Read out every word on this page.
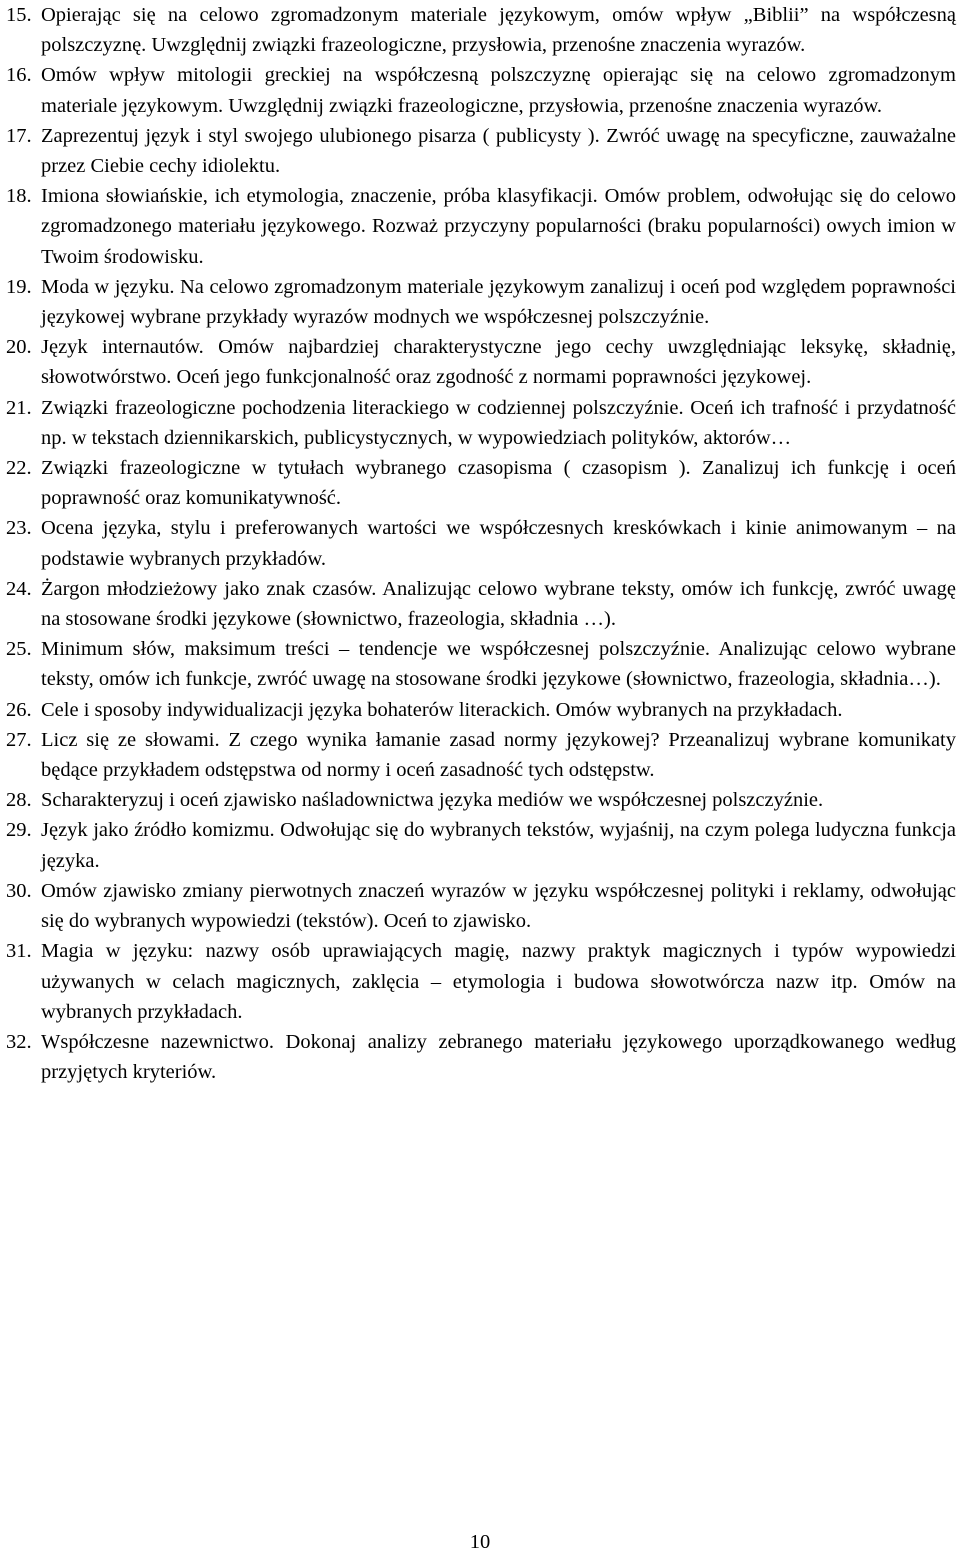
15. Opierając się na celowo zgromadzonym materiale językowym, omów wpływ „Biblii” na współczesną polszczyznę. Uwzględnij związki frazeologiczne, przysłowia, przenośne znaczenia wyrazów.
16. Omów wpływ mitologii greckiej na współczesną polszczyznę opierając się na celowo zgromadzonym materiale językowym. Uwzględnij związki frazeologiczne, przysłowia, przenośne znaczenia wyrazów.
17. Zaprezentuj język i styl swojego ulubionego pisarza ( publicysty ). Zwróć uwagę na specyficzne, zauważalne przez Ciebie cechy idiolektu.
18. Imiona słowiańskie, ich etymologia, znaczenie, próba klasyfikacji. Omów problem, odwołując się do celowo zgromadzonego materiału językowego. Rozważ przyczyny popularności (braku popularności) owych imion w Twoim środowisku.
19. Moda w języku. Na celowo zgromadzonym materiale językowym zanalizuj i oceń pod względem poprawności językowej wybrane przykłady wyrazów modnych we współczesnej polszczyźnie.
20. Język internautów. Omów najbardziej charakterystyczne jego cechy uwzględniając leksykę, składnię, słowotwórstwo. Oceń jego funkcjonalność oraz zgodność z normami poprawności językowej.
21. Związki frazeologiczne pochodzenia literackiego w codziennej polszczyźnie. Oceń ich trafność i przydatność np. w tekstach dziennikarskich, publicystycznych, w wypowiedziach polityków, aktorów…
22. Związki frazeologiczne w tytułach wybranego czasopisma ( czasopism ). Zanalizuj ich funkcję i oceń poprawność oraz komunikatywność.
23. Ocena języka, stylu i preferowanych wartości we współczesnych kreskówkach i kinie animowanym – na podstawie wybranych przykładów.
24. Żargon młodzieżowy jako znak czasów. Analizując celowo wybrane teksty, omów ich funkcję, zwróć uwagę na stosowane środki językowe (słownictwo, frazeologia, składnia …).
25. Minimum słów, maksimum treści – tendencje we współczesnej polszczyźnie. Analizując celowo wybrane teksty, omów ich funkcje, zwróć uwagę na stosowane środki językowe (słownictwo, frazeologia, składnia…).
26. Cele i sposoby indywidualizacji języka bohaterów literackich. Omów wybranych na przykładach.
27. Licz się ze słowami. Z czego wynika łamanie zasad normy językowej? Przeanalizuj wybrane komunikaty będące przykładem odstępstwa od normy i oceń zasadność tych odstępstw.
28. Scharakteryzuj i oceń zjawisko naśladownictwa języka mediów we współczesnej polszczyźnie.
29. Język jako źródło komizmu. Odwołując się do wybranych tekstów, wyjaśnij, na czym polega ludyczna funkcja języka.
30. Omów zjawisko zmiany pierwotnych znaczeń wyrazów w języku współczesnej polityki i reklamy, odwołując się do wybranych wypowiedzi (tekstów). Oceń to zjawisko.
31. Magia w języku: nazwy osób uprawiających magię, nazwy praktyk magicznych i typów wypowiedzi używanych w celach magicznych, zaklęcia – etymologia i budowa słowotwórcza nazw itp. Omów na wybranych przykładach.
32. Współczesne nazewnictwo. Dokonaj analizy zebranego materiału językowego uporządkowanego według przyjętych kryteriów.
10
